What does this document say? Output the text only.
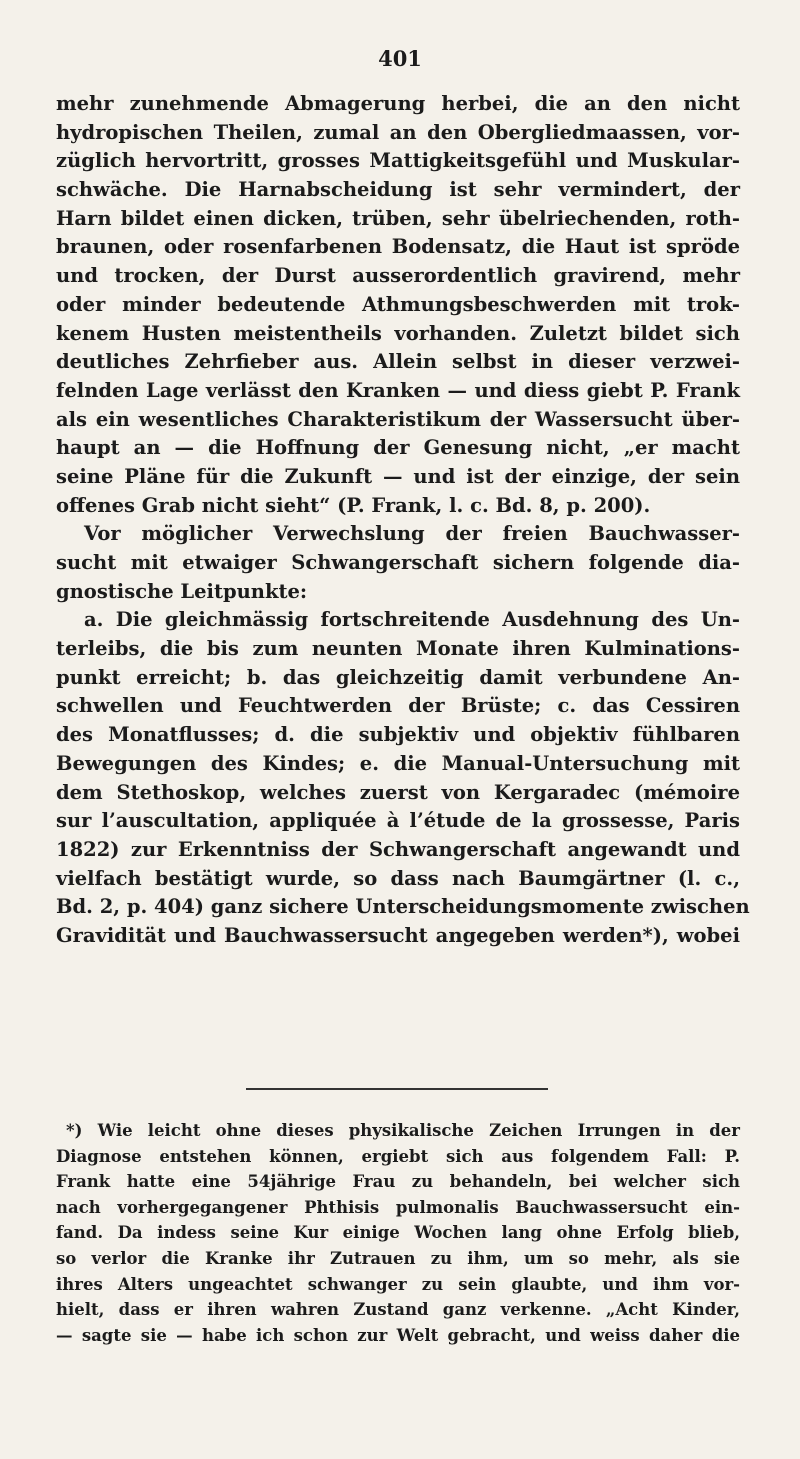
401
mehr zunehmende Abmagerung herbei, die an den nicht
hydropischen Theilen, zumal an den Obergliedmaassen, vor-
züglich hervortritt, grosses Mattigkeitsgefühl und Muskular-
schwäche. Die Harnabscheidung ist sehr vermindert, der
Harn bildet einen dicken, trüben, sehr übelriechenden, roth-
braunen, oder rosenfarbenen Bodensatz, die Haut ist spröde
und trocken, der Durst ausserordentlich gravirend, mehr
oder minder bedeutende Athmungsbeschwerden mit trok-
kenem Husten meistentheils vorhanden. Zuletzt bildet sich
deutliches Zehrfieber aus. Allein selbst in dieser verzwei-
felnden Lage verlässt den Kranken — und diess giebt P. Frank
als ein wesentliches Charakteristikum der Wassersucht über-
haupt an — die Hoffnung der Genesung nicht, „er macht
seine Pläne für die Zukunft — und ist der einzige, der sein
offenes Grab nicht sieht“ (P. Frank, l. c. Bd. 8, p. 200).
Vor möglicher Verwechslung der freien Bauchwasser-
sucht mit etwaiger Schwangerschaft sichern folgende dia-
gnostische Leitpunkte:
a. Die gleichmässig fortschreitende Ausdehnung des Un-
terleibs, die bis zum neunten Monate ihren Kulminations-
punkt erreicht; b. das gleichzeitig damit verbundene An-
schwellen und Feuchtwerden der Brüste; c. das Cessiren
des Monatflusses; d. die subjektiv und objektiv fühlbaren
Bewegungen des Kindes; e. die Manual-Untersuchung mit
dem Stethoskop, welches zuerst von Kergaradec (mémoire
sur l’auscultation, appliquée à l’étude de la grossesse, Paris
1822) zur Erkenntniss der Schwangerschaft angewandt und
vielfach bestätigt wurde, so dass nach Baumgärtner (l. c.,
Bd. 2, p. 404) ganz sichere Unterscheidungsmomente zwischen
Gravidität und Bauchwassersucht angegeben werden*), wobei
*) Wie leicht ohne dieses physikalische Zeichen Irrungen in der
Diagnose entstehen können, ergiebt sich aus folgendem Fall: P.
Frank hatte eine 54jährige Frau zu behandeln, bei welcher sich
nach vorhergegangener Phthisis pulmonalis Bauchwassersucht ein-
fand. Da indess seine Kur einige Wochen lang ohne Erfolg blieb,
so verlor die Kranke ihr Zutrauen zu ihm, um so mehr, als sie
ihres Alters ungeachtet schwanger zu sein glaubte, und ihm vor-
hielt, dass er ihren wahren Zustand ganz verkenne. „Acht Kinder,
— sagte sie — habe ich schon zur Welt gebracht, und weiss daher die
